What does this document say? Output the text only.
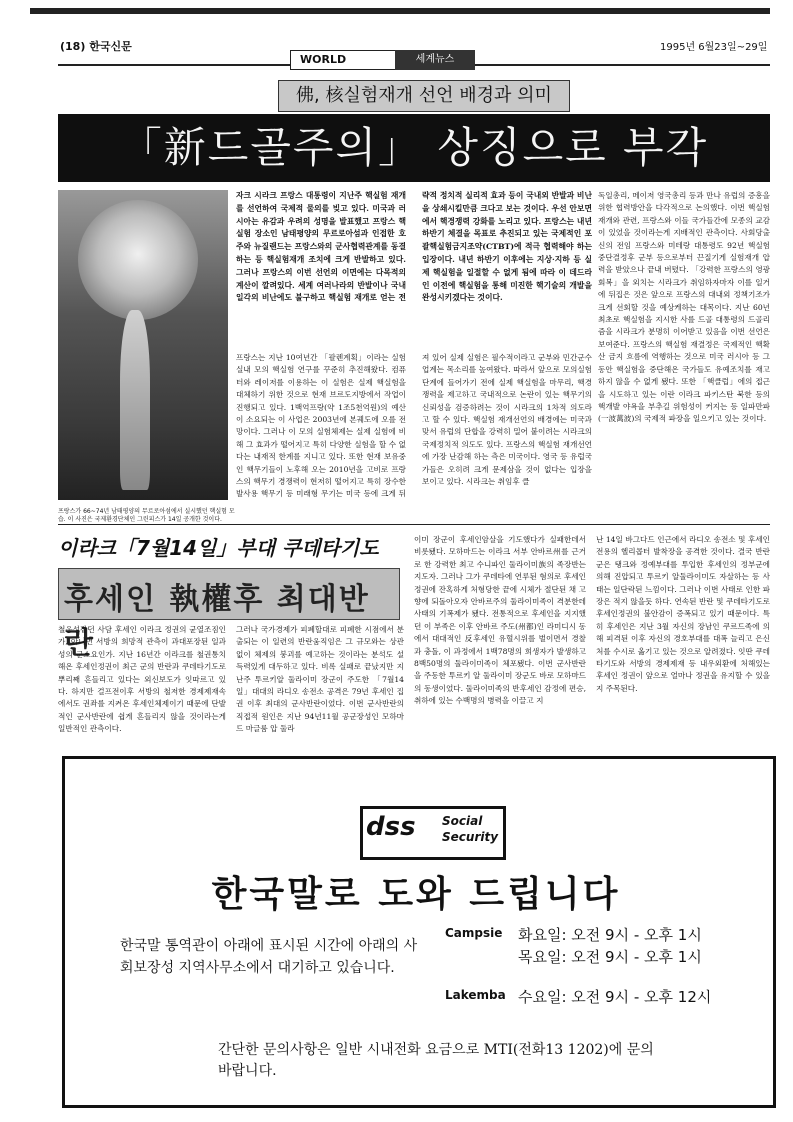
(18) 한국신문	1995년 6월23일~29일
WORLD	세계뉴스
佛, 核실험재개 선언 배경과 의미
「新드골주의」 상징으로 부각
프랑스가 66~74년 남태평양의 무르로아섬에서 실시했던 핵실험 모습. 이 사진은 국제환경단체인 그린피스가 14일 공개한 것이다.
자크 시라크 프랑스 대통령이 지난주 핵실험 재개를 선언하여 국제적 물의를 빚고 있다. 미국과 러시아는 유감과 우려의 성명을 발표했고 프랑스 핵실험 장소인 남태평양의 무르로아섬과 인접한 호주와 뉴질랜드는 프랑스와의 군사협력관계를 동결하는 등 핵실험재개 조치에 크게 반발하고 있다. 그러나 프랑스의 이번 선언의 이면에는 다목적의 계산이 깔려있다. 세계 여러나라의 반발이나 국내 일각의 비난에도 불구하고 핵실험 재개로 얻는 전략적 정치적 실리적 효과 등이 국내외 반발과 비난을 상쇄시킬만큼 크다고 보는 것이다. 우선 안보면에서 핵경쟁력 강화를 노리고 있다. 프랑스는 내년 하반기 체결을 목표로 추진되고 있는 국제적인 포괄핵실험금지조약(CTBT)에 적극 협력해야 하는 입장이다. 내년 하반기 이후에는 지상·지하 등 실제 핵실험을 일절할 수 없게 됨에 따라 이 데드라인 이전에 핵실험을 통해 미진한 핵기술의 개발을 완성시키겠다는 것이다.
프랑스는 지난 10여년간 「팔렌계획」이라는 실험실내 모의 핵실험 연구를 꾸준히 추진해왔다. 컴퓨터와 레이저를 이용하는 이 실험은 실제 핵실험을 대체하기 위한 것으로 현재 브르도지방에서 작업이 진행되고 있다. 1백억프랑(약 1조5천억원)의 예산이 소요되는 이 사업은 2003년에 본궤도에 오를 전망이다. 그러나 이 모의 실험체제는 실제 실험에 비해 그 효과가 떨어지고 특히 다양한 실험을 할 수 없다는 내재적 한계를 지니고 있다. 또한 현재 보유중인 핵무기들이 노후해 오는 2010년을 고비로 프랑스의 핵무기 경쟁력이 현저히 떨어지고 특히 장수한발사용 핵무기 등 미래형 무기는 미국 등에 크게 뒤져 있어 실제 실험은 필수적이라고 군부와 민간군수업계는 목소리를 높여왔다. 따라서 앞으로 모의실험 단계에 들어가기 전에 실제 핵실험을 마무리, 핵경쟁력을 제고하고 국내적으로 논란이 있는 핵무기의 신뢰성을 검증하려는 것이 시라크의 1차적 의도라고 할 수 있다. 핵실험 재개선언의 배경에는 미국과 맞서 유럽의 단합을 강력히 밀어 붙이려는 시라크의 국제정치적 의도도 있다. 프랑스의 핵실험 재개선언에 가장 난감해 하는 측은 미국이다. 영국 등 유럽국가들은 오히려 크게 문제삼을 것이 없다는 입장을 보이고 있다. 시라크는 취임후 클
독일총리, 메이저 영국총리 등과 만나 유럽의 증흥을 위한 협력방안을 다각적으로 논의했다. 이번 핵실험 재개와 관련, 프랑스와 이들 국가들간에 모종의 교감이 있었을 것이라는게 지배적인 관측이다. 사회당출신의 전임 프랑스와 미테랑 대통령도 92년 핵실험 중단결정후 군부 등으로부터 끈질기게 실험재개 압력을 받았으나 끝내 버텼다. 「강력한 프랑스의 영광회복」을 외치는 시라크가 취임하자마자 이를 일거에 뒤집은 것은 앞으로 프랑스의 대내외 정책기조가 크게 선회할 것을 예상케하는 대목이다. 지난 60년 최초로 핵실험을 지시한 사를 드골 대통령의 드골리즘을 시라크가 분명히 이어받고 있음을 이번 선언은 보여준다. 프랑스의 핵실험 재결정은 국제적인 핵확산 금지 흐름에 역행하는 것으로 미국 러시아 등 그동안 핵실험을 중단해온 국가들도 유예조치를 재고하지 않을 수 없게 됐다. 또한 「핵클럽」에의 접근을 시도하고 있는 이란 이라크 파키스탄 북한 등의 핵개발 야욕을 부추길 위험성이 커지는 등 일파만파(一波萬波)의 국제적 파장을 일으키고 있는 것이다.
이라크「7월14일」부대 쿠데타기도
후세인 執權후 최대반란
철웅성같던 사담 후세인 이라크 정권의 균열조짐인가, 아니면 서방의 희망적 관측이 과대포장된 일과성의 군소요인가. 지난 16년간 이라크를 철권통치해온 후세인정권이 최근 군의 반란과 쿠데타기도로 뿌리째 흔들리고 있다는 외신보도가 잇따르고 있다. 하지만 걸프전이후 서방의 철저한 경제제재속에서도 권좌를 지켜온 후세인체제이기 때문에 단발적인 군사반란에 쉽게 흔들리지 않을 것이라는게 일반적인 관측이다.
그러나 국가경제가 피폐할대로 피폐한 시점에서 분출되는 이 일련의 반란움직임은 그 규모와는 상관없이 체제의 붕괴를 예고하는 것이라는 분석도 설득력있게 대두하고 있다. 비록 실패로 끝났지만 지난주 투르키알 둘라이미 장군이 주도한 「7월14일」대대의 라디오 송전소 공격은 79년 후세인 집권 이후 최대의 군사반란이었다. 이번 군사반란의 직접적 원인은 지난 94년11월 공군장성인 모하마드 마글룸 압 둘라
이미 장군이 후세인암살을 기도했다가 실패한데서 비롯됐다. 모하마드는 이라크 서부 안바르州를 근거로 한 강력한 최고 수니파인 둘라이미族의 족장반는 지도자. 그러나 그가 쿠데타에 연루된 혐의로 후세인 정권에 잔혹하게 처형당한 끝에 시체가 절단된 채 고향에 되돌아오자 안바르주의 둘라이미족이 격분한데 사태의 기폭제가 됐다. 전통적으로 후세인을 지지했던 이 부족은 이후 안바르 주도(州都)인 라미디시 동에서 대대적인 反후세인 유혈시위를 벌이면서 경찰과 충돌, 이 과정에서 1백78명의 희생자가 발생하고 8백50명의 둘라이미족이 체포됐다. 이번 군사반란을 주동한 투르키 알 둘라이미 장군도 바로 모하마드의 동생이었다. 둘라이미족의 반후세인 감정에 편승, 취하에 있는 수백명의 병력을 이끌고 지
난 14일 바그다드 인근에서 라디오 송전소 및 후세인 전용의 헬리콥터 발착장을 공격한 것이다. 결국 반란군은 탱크와 정예부대를 투입한 후세인의 정부군에 의해 진압되고 투르키 알둘라이미도 자살하는 등 사태는 일단락된 느낌이다. 그러나 이번 사태로 인한 파장은 적지 않을듯 하다. 연속된 반란 및 쿠데타기도로 후세인정권의 불안감이 증폭되고 있기 때문이다. 특히 후세인은 지난 3월 자신의 장남인 쿠르드족에 의해 피격된 이후 자신의 경호부대를 대폭 늘리고 은신처를 수시로 옮기고 있는 것으로 알려졌다. 잇딴 쿠데타기도와 서방의 경제제재 등 내우외환에 처해있는 후세인 정권이 앞으로 얼마나 정권을 유지할 수 있을지 주목된다.
dss Social
Security
한국말로 도와 드립니다
한국말 통역관이 아래에 표시된 시간에 아래의 사회보장성 지역사무소에서 대기하고 있습니다.
Campsie 화요일: 오전 9시 - 오후 1시
목요일: 오전 9시 - 오후 1시
Lakemba 수요일: 오전 9시 - 오후 12시
간단한 문의사항은 일반 시내전화 요금으로 MTI(전화13 1202)에 문의 바랍니다.
